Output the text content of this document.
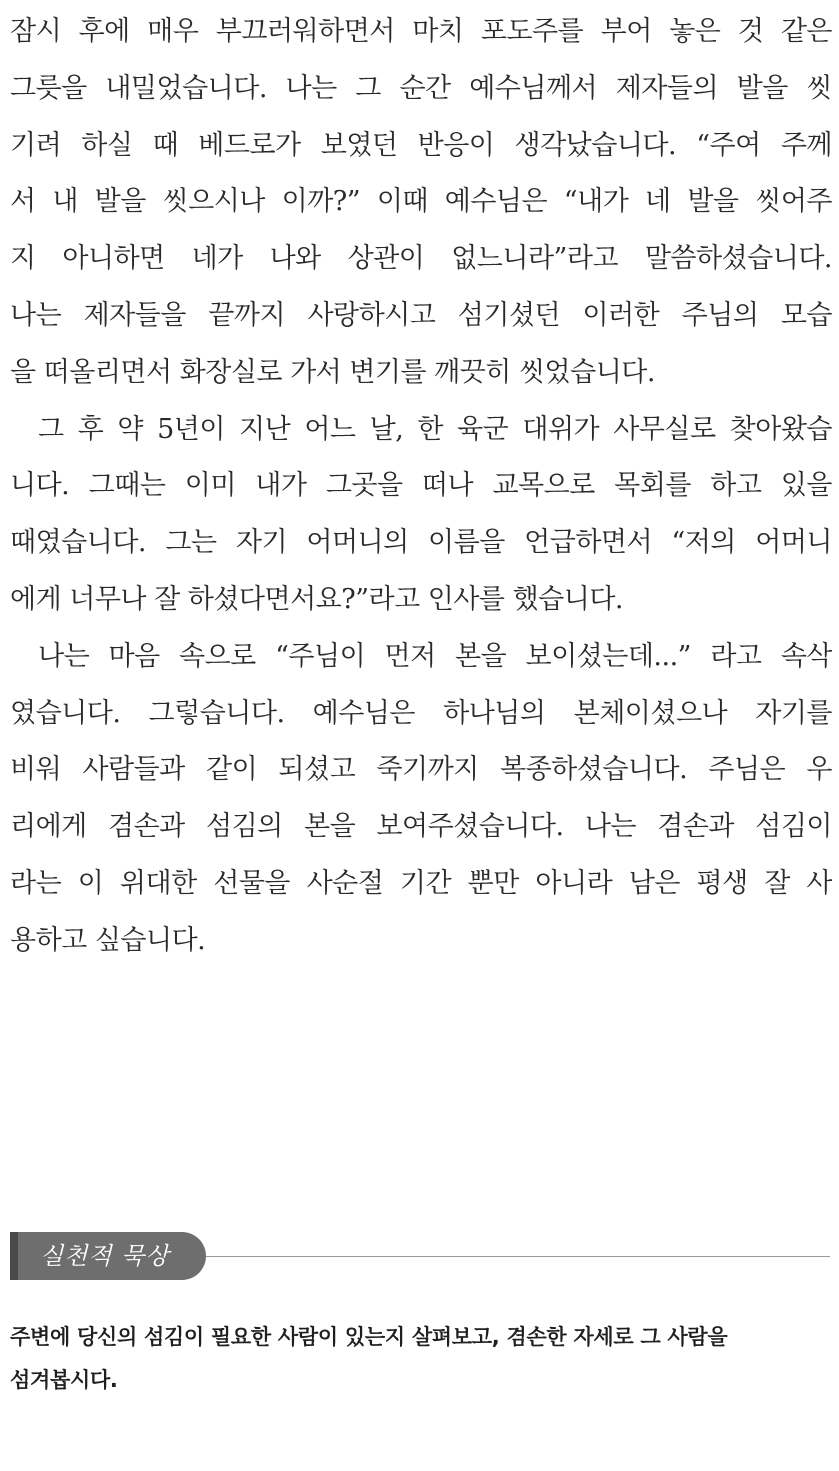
잠시 후에 매우 부끄러워하면서 마치 포도주를 부어 놓은 것 같은
그릇을 내밀었습니다. 나는 그 순간 예수님께서 제자들의 발을 씻
기려 하실 때 베드로가 보였던 반응이 생각났습니다. “주여 주께
서 내 발을 씻으시나 이까?” 이때 예수님은 “내가 네 발을 씻어주
지 아니하면 네가 나와 상관이 없느니라”라고 말씀하셨습니다.
나는 제자들을 끝까지 사랑하시고 섬기셨던 이러한 주님의 모습
을 떠올리면서 화장실로 가서 변기를 깨끗히 씻었습니다.
그 후 약 5년이 지난 어느 날, 한 육군 대위가 사무실로 찾아왔습
니다. 그때는 이미 내가 그곳을 떠나 교목으로 목회를 하고 있을
때였습니다. 그는 자기 어머니의 이름을 언급하면서 “저의 어머니
에게 너무나 잘 하셨다면서요?”라고 인사를 했습니다.
나는 마음 속으로 “주님이 먼저 본을 보이셨는데...” 라고 속삭
였습니다. 그렇습니다. 예수님은 하나님의 본체이셨으나 자기를
비워 사람들과 같이 되셨고 죽기까지 복종하셨습니다. 주님은 우
리에게 겸손과 섬김의 본을 보여주셨습니다. 나는 겸손과 섬김이
라는 이 위대한 선물을 사순절 기간 뿐만 아니라 남은 평생 잘 사
용하고 싶습니다.
실천적 묵상
주변에 당신의 섬김이 필요한 사람이 있는지 살펴보고, 겸손한 자세로 그 사람을
섬겨봅시다.
